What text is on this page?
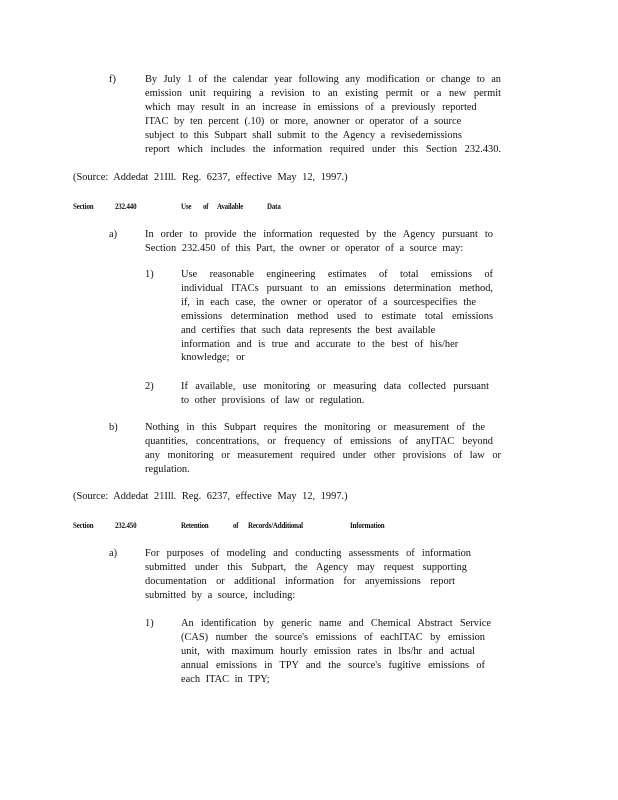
f)	By July 1 of the calendar year following any modification or change to an
emission unit requiring a revision to an existing permit or a new permit
which may result in an increase in emissions of a previously reported
ITAC by ten percent (.10) or more, anowner or operator of a source
subject to this Subpart shall submit to the Agency a revisedemissions
report which includes the information required under this Section 232.430.
(Source: Addedat 21Ill. Reg. 6237, effective May 12, 1997.)
Section	232.440	Use of Available	Data
a)	In order to provide the information requested by the Agency pursuant to
Section 232.450 of this Part, the owner or operator of a source may:
1)	Use reasonable engineering estimates of total emissions of
individual ITACs pursuant to an emissions determination method,
if, in each case, the owner or operator of a sourcespecifies the
emissions determination method used to estimate total emissions
and certifies that such data represents the best available
information and is true and accurate to the best of his/her
knowledge; or
2)	If available, use monitoring or measuring data collected pursuant
to other provisions of law or regulation.
b)	Nothing in this Subpart requires the monitoring or measurement of the
quantities, concentrations, or frequency of emissions of anyITAC beyond
any monitoring or measurement required under other provisions of law or
regulation.
(Source: Addedat 21Ill. Reg. 6237, effective May 12, 1997.)
Section	232.450	Retention	of Records/Additional	Information
a)	For purposes of modeling and conducting assessments of information
submitted under this Subpart, the Agency may request supporting
documentation or additional information for anyemissions report
submitted by a source, including:
1)	An identification by generic name and Chemical Abstract Service
(CAS) number the source's emissions of eachITAC by emission
unit, with maximum hourly emission rates in lbs/hr and actual
annual emissions in TPY and the source's fugitive emissions of
each ITAC in TPY;
